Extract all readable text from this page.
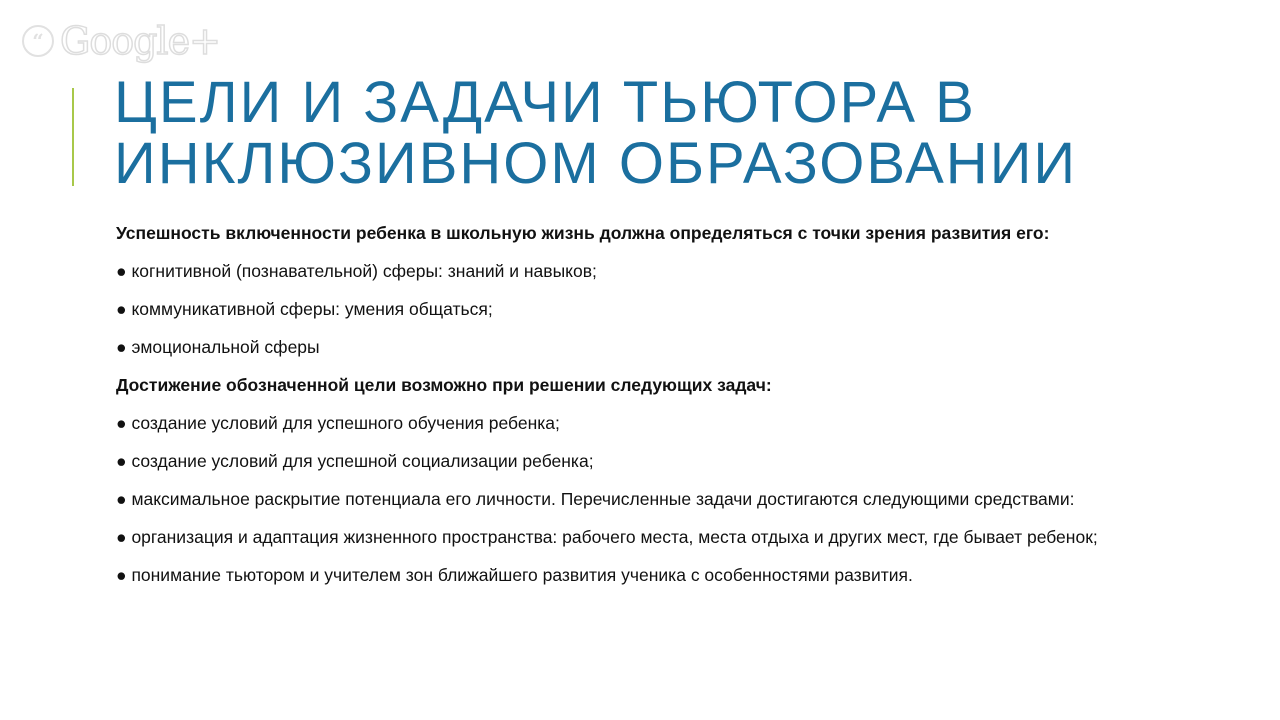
“ Google+
ЦЕЛИ И ЗАДАЧИ ТЬЮТОРА В
ИНКЛЮЗИВНОМ ОБРАЗОВАНИИ

Успешность включенности ребенка в школьную жизнь должна определяться с точки зрения развития его:

● когнитивной (познавательной) сферы: знаний и навыков;

● коммуникативной сферы: умения общаться;

● эмоциональной сферы

Достижение обозначенной цели возможно при решении следующих задач:

● создание условий для успешного обучения ребенка;

● создание условий для успешной социализации ребенка;

● максимальное раскрытие потенциала его личности. Перечисленные задачи достигаются следующими средствами:

● организация и адаптация жизненного пространства: рабочего места, места отдыха и других мест, где бывает ребенок;

● понимание тьютором и учителем зон ближайшего развития ученика с особенностями развития.
